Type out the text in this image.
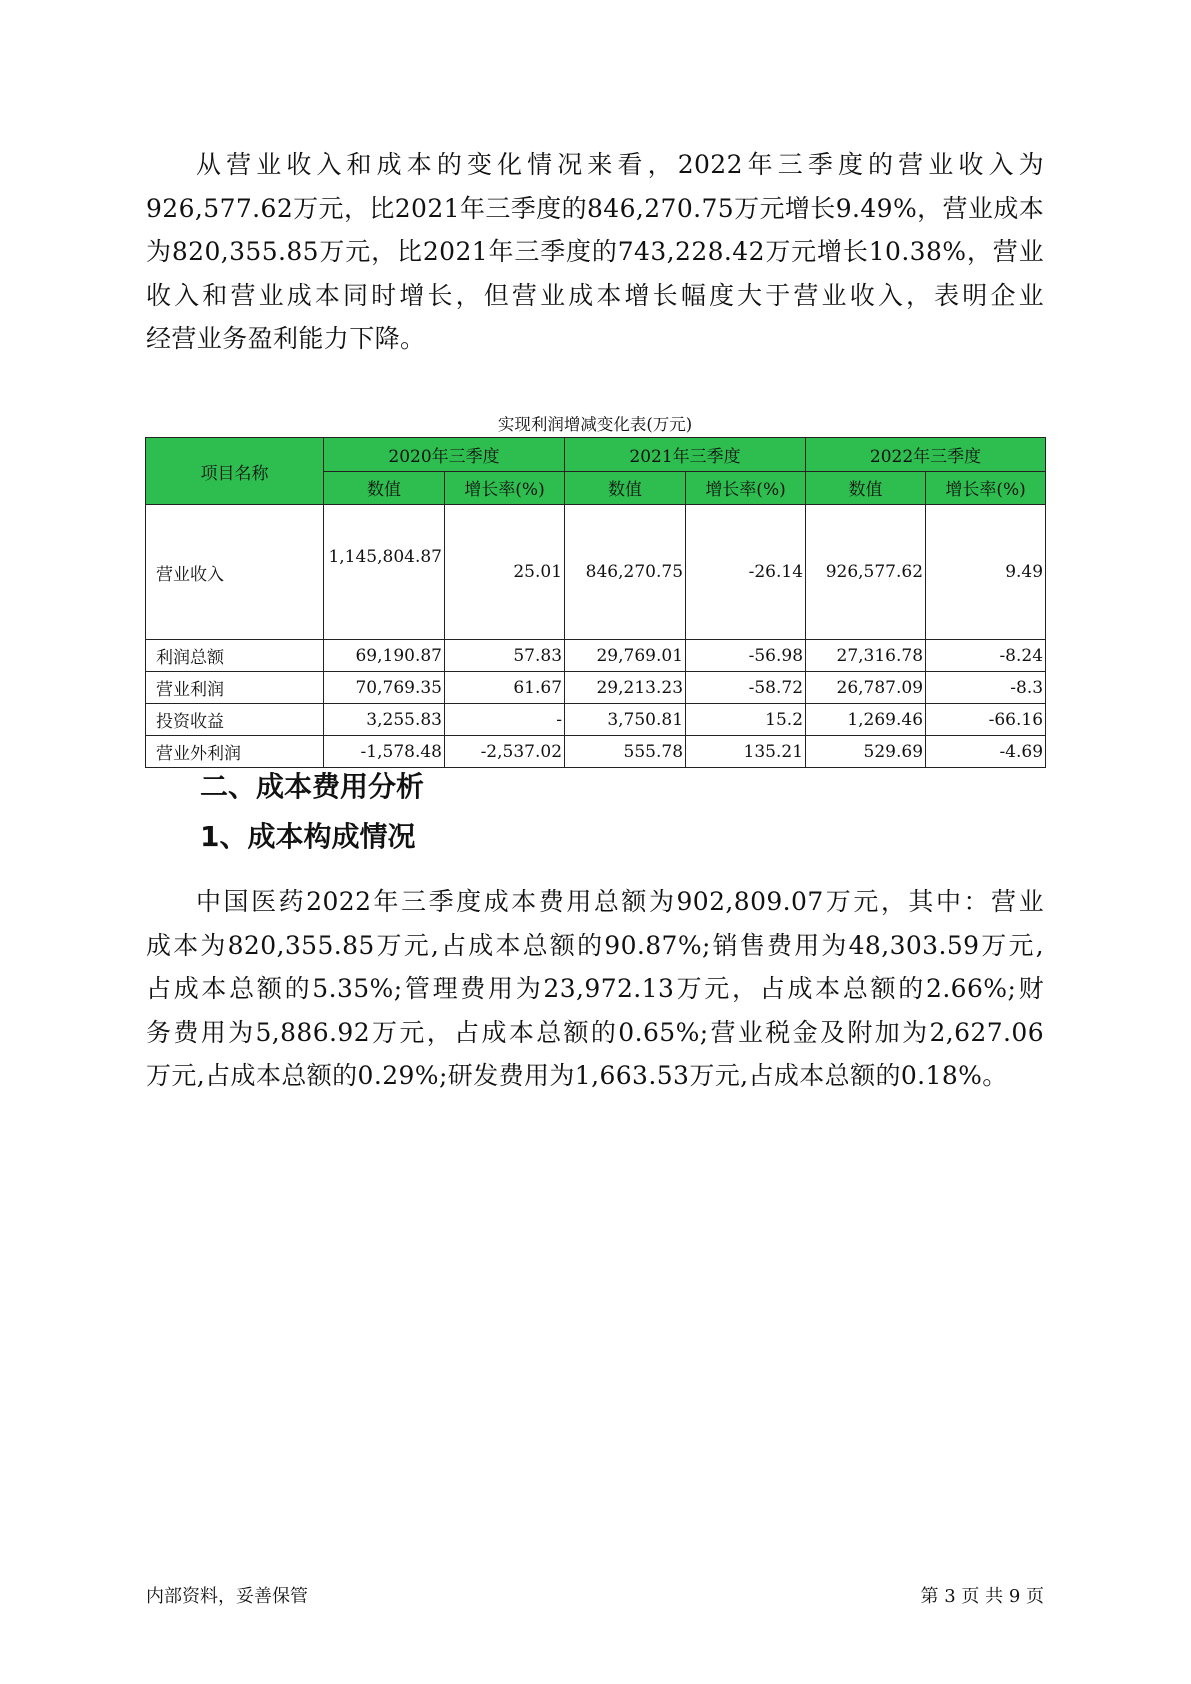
从营业收入和成本的变化情况来看，2022年三季度的营业收入为
926,577.62万元，比2021年三季度的846,270.75万元增长9.49%，营业成本
为820,355.85万元，比2021年三季度的743,228.42万元增长10.38%，营业
收入和营业成本同时增长，但营业成本增长幅度大于营业收入，表明企业
经营业务盈利能力下降。

实现利润增减变化表(万元)
项目名称	2020年三季度		2021年三季度		2022年三季度	
	数值	增长率(%)	数值	增长率(%)	数值	增长率(%)
营业收入	1,145,804.87	25.01	846,270.75	-26.14	926,577.62	9.49
利润总额	69,190.87	57.83	29,769.01	-56.98	27,316.78	-8.24
营业利润	70,769.35	61.67	29,213.23	-58.72	26,787.09	-8.3
投资收益	3,255.83	-	3,750.81	15.2	1,269.46	-66.16
营业外利润	-1,578.48	-2,537.02	555.78	135.21	529.69	-4.69
二、成本费用分析
1、成本构成情况

中国医药2022年三季度成本费用总额为902,809.07万元，其中：营业
成本为820,355.85万元,占成本总额的90.87%;销售费用为48,303.59万元,
占成本总额的5.35%;管理费用为23,972.13万元，占成本总额的2.66%;财
务费用为5,886.92万元，占成本总额的0.65%;营业税金及附加为2,627.06
万元,占成本总额的0.29%;研发费用为1,663.53万元,占成本总额的0.18%。

内部资料，妥善保管	第 3 页 共 9 页
